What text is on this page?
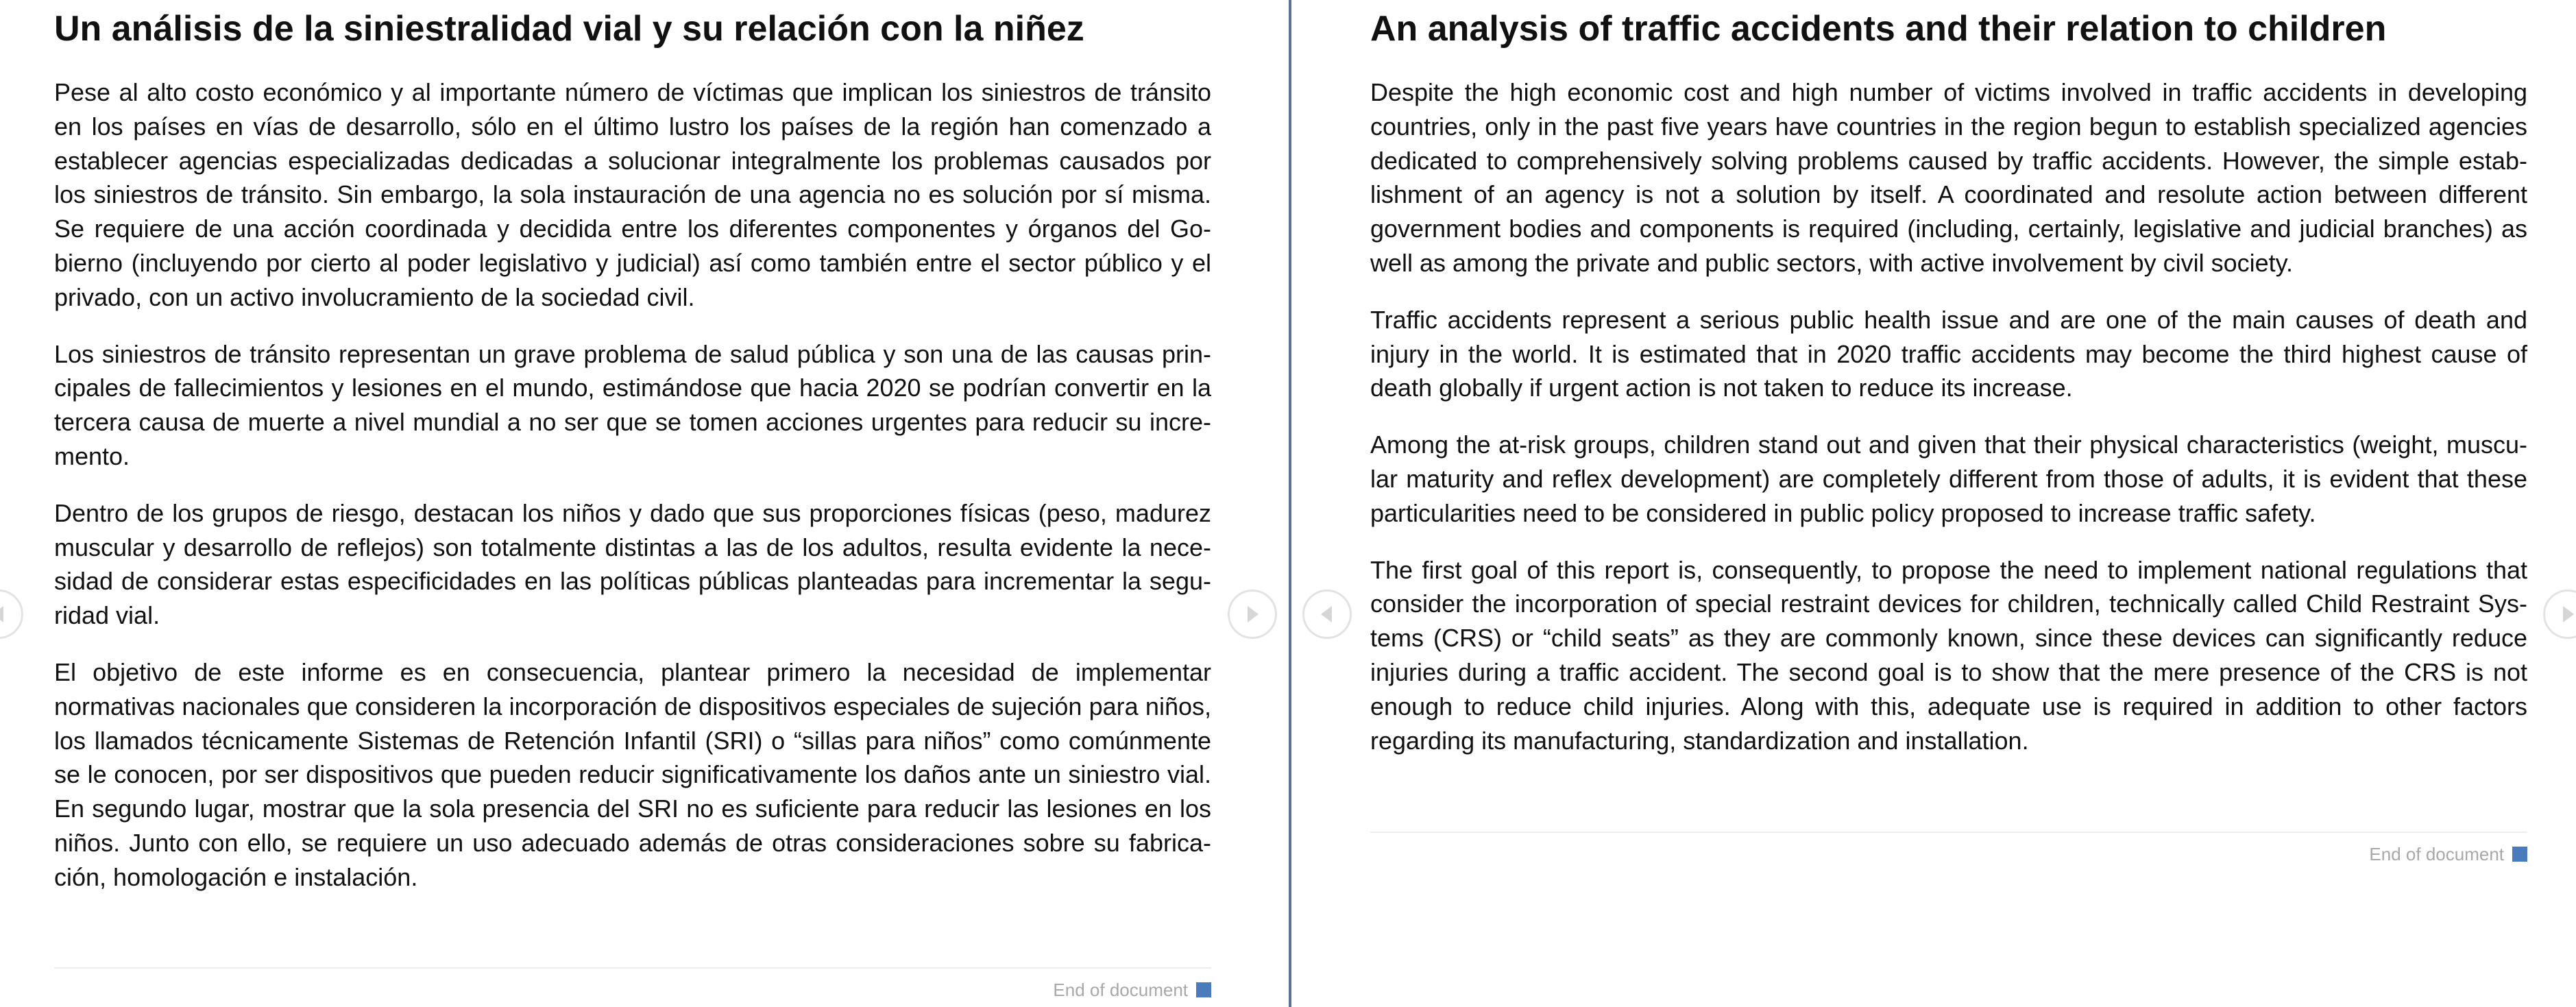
Un análisis de la siniestralidad vial y su relación con la niñez

Pese al alto costo económico y al importante número de víctimas que implican los siniestros de tránsito en los países en vías de desarrollo, sólo en el último lustro los países de la región han comenzado a establecer agencias especializadas dedicadas a solucionar integralmente los problemas causados por los siniestros de tránsito. Sin embargo, la sola instauración de una agencia no es solución por sí misma. Se requiere de una acción coordinada y decidida entre los diferentes componentes y órganos del Gobierno (incluyendo por cierto al poder legislativo y judicial) así como también entre el sector público y el privado, con un activo involucramiento de la sociedad civil.

Los siniestros de tránsito representan un grave problema de salud pública y son una de las causas principales de fallecimientos y lesiones en el mundo, estimándose que hacia 2020 se podrían convertir en la tercera causa de muerte a nivel mundial a no ser que se tomen acciones urgentes para reducir su incremento.

Dentro de los grupos de riesgo, destacan los niños y dado que sus proporciones físicas (peso, madurez muscular y desarrollo de reflejos) son totalmente distintas a las de los adultos, resulta evidente la necesidad de considerar estas especificidades en las políticas públicas planteadas para incrementar la seguridad vial.

El objetivo de este informe es en consecuencia, plantear primero la necesidad de implementar normativas nacionales que consideren la incorporación de dispositivos especiales de sujeción para niños, los llamados técnicamente Sistemas de Retención Infantil (SRI) o “sillas para niños” como comúnmente se le conocen, por ser dispositivos que pueden reducir significativamente los daños ante un siniestro vial. En segundo lugar, mostrar que la sola presencia del SRI no es suficiente para reducir las lesiones en los niños. Junto con ello, se requiere un uso adecuado además de otras consideraciones sobre su fabricación, homologación e instalación.

End of document
An analysis of traffic accidents and their relation to children

Despite the high economic cost and high number of victims involved in traffic accidents in developing countries, only in the past five years have countries in the region begun to establish specialized agencies dedicated to comprehensively solving problems caused by traffic accidents. However, the simple establishment of an agency is not a solution by itself. A coordinated and resolute action between different government bodies and components is required (including, certainly, legislative and judicial branches) as well as among the private and public sectors, with active involvement by civil society.

Traffic accidents represent a serious public health issue and are one of the main causes of death and injury in the world. It is estimated that in 2020 traffic accidents may become the third highest cause of death globally if urgent action is not taken to reduce its increase.

Among the at-risk groups, children stand out and given that their physical characteristics (weight, muscular maturity and reflex development) are completely different from those of adults, it is evident that these particularities need to be considered in public policy proposed to increase traffic safety.

The first goal of this report is, consequently, to propose the need to implement national regulations that consider the incorporation of special restraint devices for children, technically called Child Restraint Systems (CRS) or “child seats” as they are commonly known, since these devices can significantly reduce injuries during a traffic accident. The second goal is to show that the mere presence of the CRS is not enough to reduce child injuries. Along with this, adequate use is required in addition to other factors regarding its manufacturing, standardization and installation.

End of document
